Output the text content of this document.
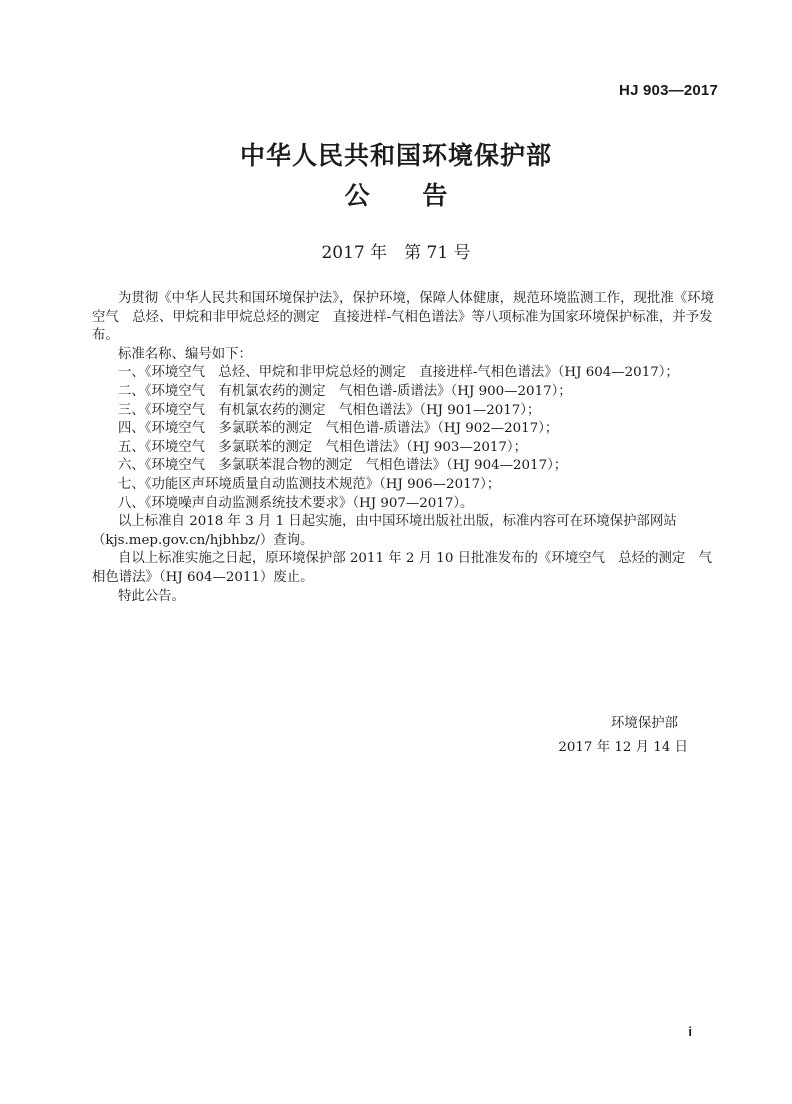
HJ 903—2017
中华人民共和国环境保护部
公 告
2017 年　第 71 号

为贯彻《中华人民共和国环境保护法》，保护环境，保障人体健康，规范环境监测工作，现批准《环境空气　总烃、甲烷和非甲烷总烃的测定　直接进样-气相色谱法》等八项标准为国家环境保护标准，并予发布。

标准名称、编号如下：

一、《环境空气　总烃、甲烷和非甲烷总烃的测定　直接进样-气相色谱法》（HJ 604—2017）；
二、《环境空气　有机氯农药的测定　气相色谱-质谱法》（HJ 900—2017）；
三、《环境空气　有机氯农药的测定　气相色谱法》（HJ 901—2017）；
四、《环境空气　多氯联苯的测定　气相色谱-质谱法》（HJ 902—2017）；
五、《环境空气　多氯联苯的测定　气相色谱法》（HJ 903—2017）；
六、《环境空气　多氯联苯混合物的测定　气相色谱法》（HJ 904—2017）；
七、《功能区声环境质量自动监测技术规范》（HJ 906—2017）；
八、《环境噪声自动监测系统技术要求》（HJ 907—2017）。

以上标准自 2018 年 3 月 1 日起实施，由中国环境出版社出版，标准内容可在环境保护部网站（kjs.mep.gov.cn/hjbhbz/）查询。

自以上标准实施之日起，原环境保护部 2011 年 2 月 10 日批准发布的《环境空气　总烃的测定　气相色谱法》（HJ 604—2011）废止。

特此公告。

环境保护部
2017 年 12 月 14 日
i
